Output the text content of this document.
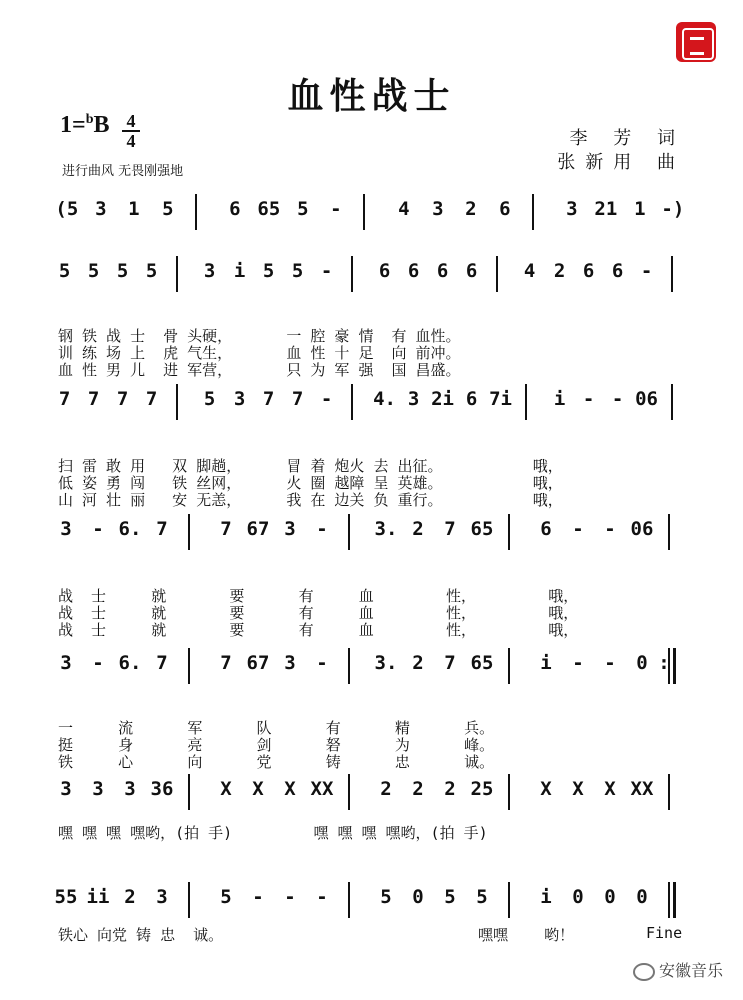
血性战士
1=$^b$B 4
4
进行曲风 无畏刚强地
李 芳 词
张新用 曲
(5 3	1	5	6 65 5	-	4	3	2	6	3 21 1 -)
5 5 5 5	3 i 5 5 -	6 6 6 6	4 2 6 6 -

钢 铁 战 士  骨 头硬，      一 腔 豪 情  有 血性。
训 练 场 上  虎 气生，      血 性 十 足  向 前冲。
血 性 男 儿  进 军营，      只 为 军 强  国 昌盛。

7 7 7 7	5 3 7 7 -	4. 3 2i 6 7i	i - - 06

扫 雷 敢 用   双 脚趟，     冒 着 炮火 去 出征。          哦，
低 姿 勇 闯   铁 丝网，     火 圈 越障 呈 英雄。          哦，
山 河 壮 丽   安 无恙，     我 在 边关 负 重行。          哦，

3	- 6. 7	7 67 3	-	3. 2	7 65	6	-	- 06

战  士     就       要      有     血        性，        哦，
战  士     就       要      有     血        性，        哦，
战  士     就       要      有     血        性，        哦，

3	- 6. 7	7 67 3	-	3. 2	7 65	i	-	-	0 :

一     流      军      队      有      精      兵。
挺     身      亮      剑      砮      为      峰。
铁     心      向      党      铸      忠      诚。

3	3	3 36	X	X	X XX	2	2	2 25	X	X	X XX
嘿 嘿 嘿 嘿哟，(拍 手)         嘿 嘿 嘿 嘿哟，(拍 手)
55 ii 2	3	5	-	-	-	5	0	5	5	i	0	0	0
铁心 向党 铸 忠  诚。	嘿嘿    哟！	Fine
安徽音乐
